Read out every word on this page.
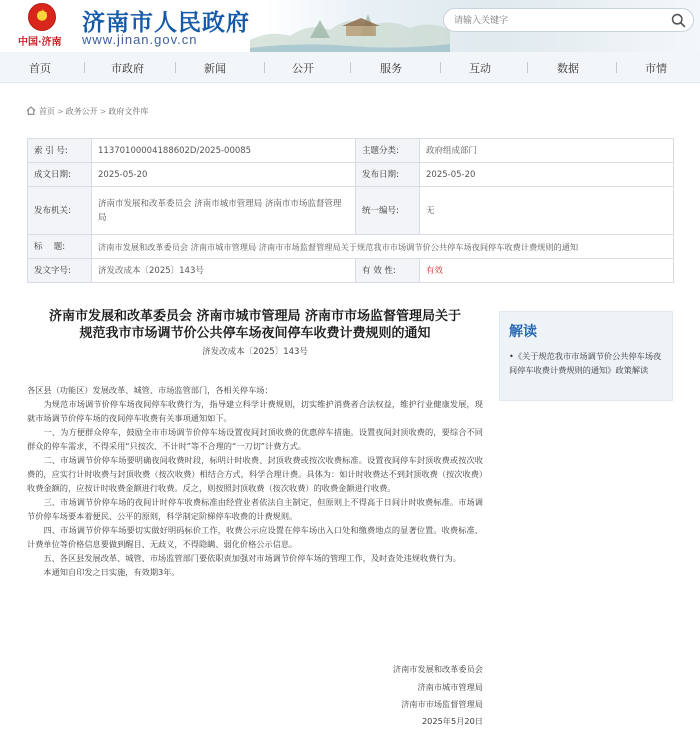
★
中国·济南
济南市人民政府
www.jinan.gov.cn
请输入关键字
首页	市政府	新闻	公开	服务	互动	数据	市情
首页 > 政务公开 > 政府文件库
索 引 号:	11370100004188602D/2025-00085	主题分类:	政府组成部门
成文日期:	2025-05-20	发布日期:	2025-05-20
发布机关:	济南市发展和改革委员会 济南市城市管理局 济南市市场监督管理局	统一编号:	无
标　 题:	济南市发展和改革委员会 济南市城市管理局 济南市市场监督管理局关于规范我市市场调节价公共停车场夜间停车收费计费规则的通知		
发文字号:	济发改成本〔2025〕143号	有 效 性:	有效
济南市发展和改革委员会 济南市城市管理局 济南市市场监督管理局关于
规范我市市场调节价公共停车场夜间停车收费计费规则的通知
济发改成本〔2025〕143号

各区县（功能区）发展改革、城管、市场监管部门，各相关停车场：

　　为规范市场调节价停车场夜间停车收费行为，指导建立科学计费规则，切实维护消费者合法权益，维护行业健康发展，现就市场调节价停车场的夜间停车收费有关事项通知如下。

　　一、为方便群众停车，鼓励全市市场调节价停车场设置夜间封顶收费的优惠停车措施。设置夜间封顶收费的，要综合不同群众的停车需求，不得采用“只按次、不计时”等不合理的“一刀切”计费方式。

　　二、市场调节价停车场要明确夜间收费时段，标明计时收费、封顶收费或按次收费标准。设置夜间停车封顶收费或按次收费的，应实行计时收费与封顶收费（按次收费）相结合方式，科学合理计费。具体为：如计时收费达不到封顶收费（按次收费）收费金额的，应按计时收费金额进行收费。反之，则按照封顶收费（按次收费）的收费金额进行收费。

　　三、市场调节价停车场的夜间计时停车收费标准由经营业者依法自主制定，但原则上不得高于日间计时收费标准。市场调节价停车场要本着便民、公平的原则，科学制定阶梯停车收费的计费规则。

　　四、市场调节价停车场要切实做好明码标价工作，收费公示应设置在停车场出入口处和缴费地点的显著位置。收费标准、计费单位等价格信息要做到醒目、无歧义，不得隐瞒、弱化价格公示信息。

　　五、各区县发展改革、城管、市场监管部门要依职责加强对市场调节价停车场的管理工作，及时查处违规收费行为。

　　本通知自印发之日实施，有效期3年。

济南市发展和改革委员会
济南市城市管理局
济南市市场监督管理局
2025年5月20日
解读
•《关于规范我市市场调节价公共停车场夜间停车收费计费规则的通知》政策解读
